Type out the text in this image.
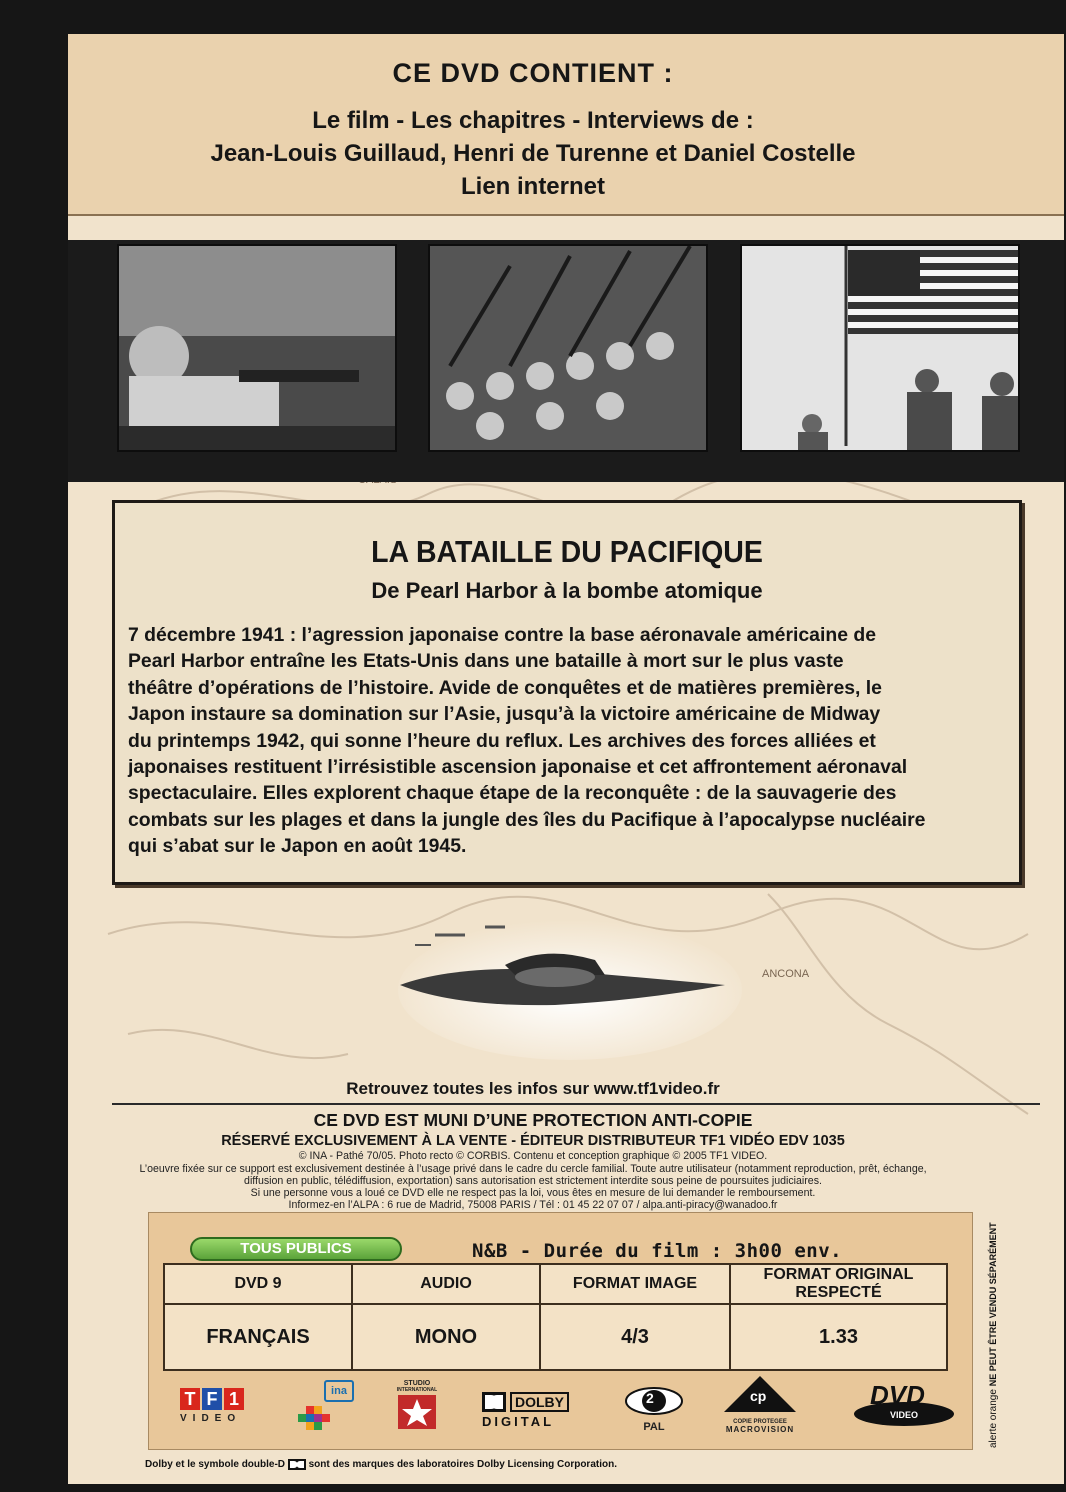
ANCONA
CE DVD CONTIENT :
Le film - Les chapitres - Interviews de :
Jean-Louis Guillaud, Henri de Turenne et Daniel Costelle
Lien internet
LA BATAILLE DU PACIFIQUE
De Pearl Harbor à la bombe atomique
7 décembre 1941 : l’agression japonaise contre la base aéronavale américaine de
Pearl Harbor entraîne les Etats-Unis dans une bataille à mort sur le plus vaste
théâtre d’opérations de l’histoire. Avide de conquêtes et de matières premières, le
Japon instaure sa domination sur l’Asie, jusqu’à la victoire américaine de Midway
du printemps 1942, qui sonne l’heure du reflux. Les archives des forces alliées et
japonaises restituent l’irrésistible ascension japonaise et cet affrontement aéronaval
spectaculaire. Elles explorent chaque étape de la reconquête : de la sauvagerie des
combats sur les plages et dans la jungle des îles du Pacifique à l’apocalypse nucléaire
qui s’abat sur le Japon en août 1945.
Retrouvez toutes les infos sur www.tf1video.fr
CE DVD EST MUNI D’UNE PROTECTION ANTI-COPIE
RÉSERVÉ EXCLUSIVEMENT À LA VENTE - ÉDITEUR DISTRIBUTEUR TF1 VIDÉO EDV 1035
© INA - Pathé 70/05. Photo recto © CORBIS. Contenu et conception graphique © 2005 TF1 VIDEO.
L’oeuvre fixée sur ce support est exclusivement destinée à l’usage privé dans le cadre du cercle familial. Toute autre utilisateur (notamment reproduction, prêt, échange,
diffusion en public, télédiffusion, exportation) sans autorisation est strictement interdite sous peine de poursuites judiciaires.
Si une personne vous a loué ce DVD elle ne respect pas la loi, vous êtes en mesure de lui demander le remboursement.
Informez-en l’ALPA : 6 rue de Madrid, 75008 PARIS / Tél : 01 45 22 07 07 / alpa.anti-piracy@wanadoo.fr
TOUS PUBLICS	N&B - Durée du film : 3h00 env.
DVD 9	AUDIO	FORMAT IMAGE	FORMAT ORIGINAL RESPECTÉ
FRANÇAIS	MONO	4/3	1.33
T F 1
VIDEO
ina
STUDIO
INTERNATIONAL
DOLBY
DIGITAL
2
PAL
cp
COPIE PROTEGEE
MACROVISION
DVD
VIDEO	alerte orange NE PEUT ÊTRE VENDU SÉPARÉMENT
Dolby et le symbole double-D sont des marques des laboratoires Dolby Licensing Corporation.
